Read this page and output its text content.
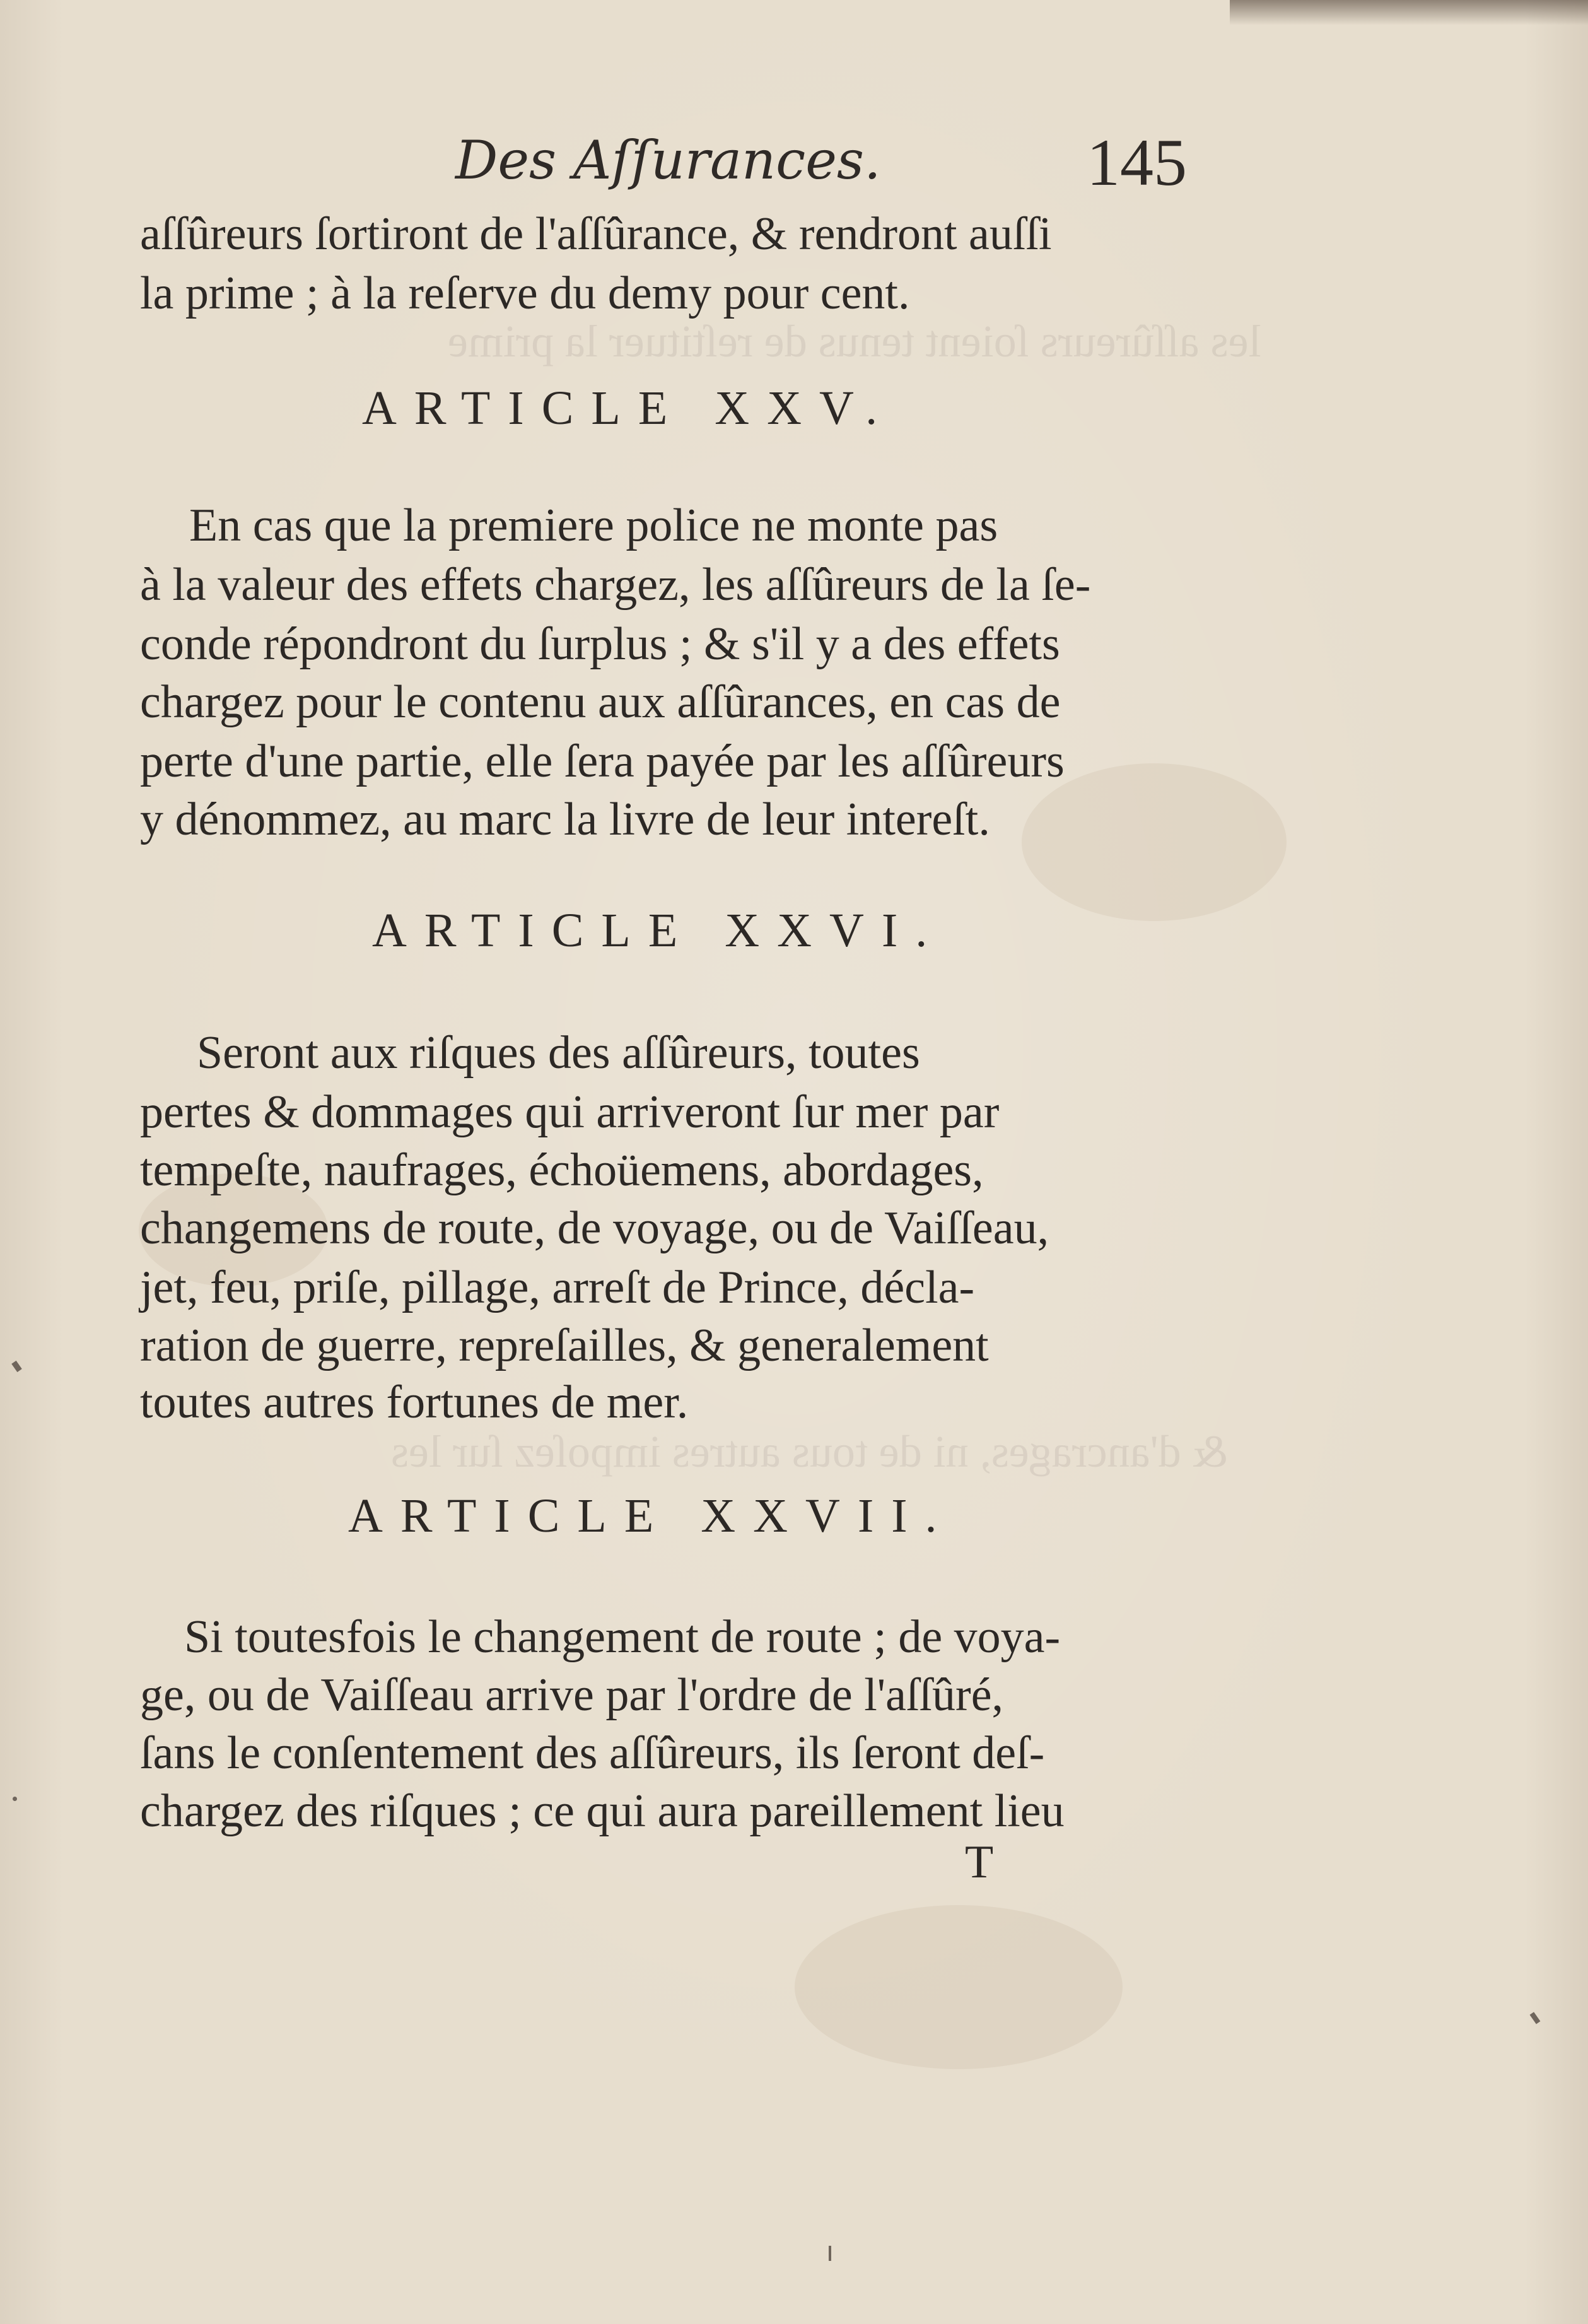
les aſſûreurs ſoient tenus de reſtituer la prime
& d'ancrages, ni de tous autres impoſez ſur les
Des Aſſurances.	145
aſſûreurs ſortiront de l'aſſûrance, & rendront auſſi
la prime ; à la reſerve du demy pour cent.
ARTICLE XXV.
En cas que la premiere police ne monte pas
à la valeur des effets chargez, les aſſûreurs de la ſe-
conde répondront du ſurplus ; & s'il y a des effets
chargez pour le contenu aux aſſûrances, en cas de
perte d'une partie, elle ſera payée par les aſſûreurs
y dénommez, au marc la livre de leur intereſt.
ARTICLE XXVI.
Seront aux riſques des aſſûreurs, toutes
pertes & dommages qui arriveront ſur mer par
tempeſte, naufrages, échoüemens, abordages,
changemens de route, de voyage, ou de Vaiſſeau,
jet, feu, priſe, pillage, arreſt de Prince, décla-
ration de guerre, repreſailles, & generalement
toutes autres fortunes de mer.
ARTICLE XXVII.
Si toutesfois le changement de route ; de voya-
ge, ou de Vaiſſeau arrive par l'ordre de l'aſſûré,
ſans le conſentement des aſſûreurs, ils ſeront deſ-
chargez des riſques ; ce qui aura pareillement lieu
T
